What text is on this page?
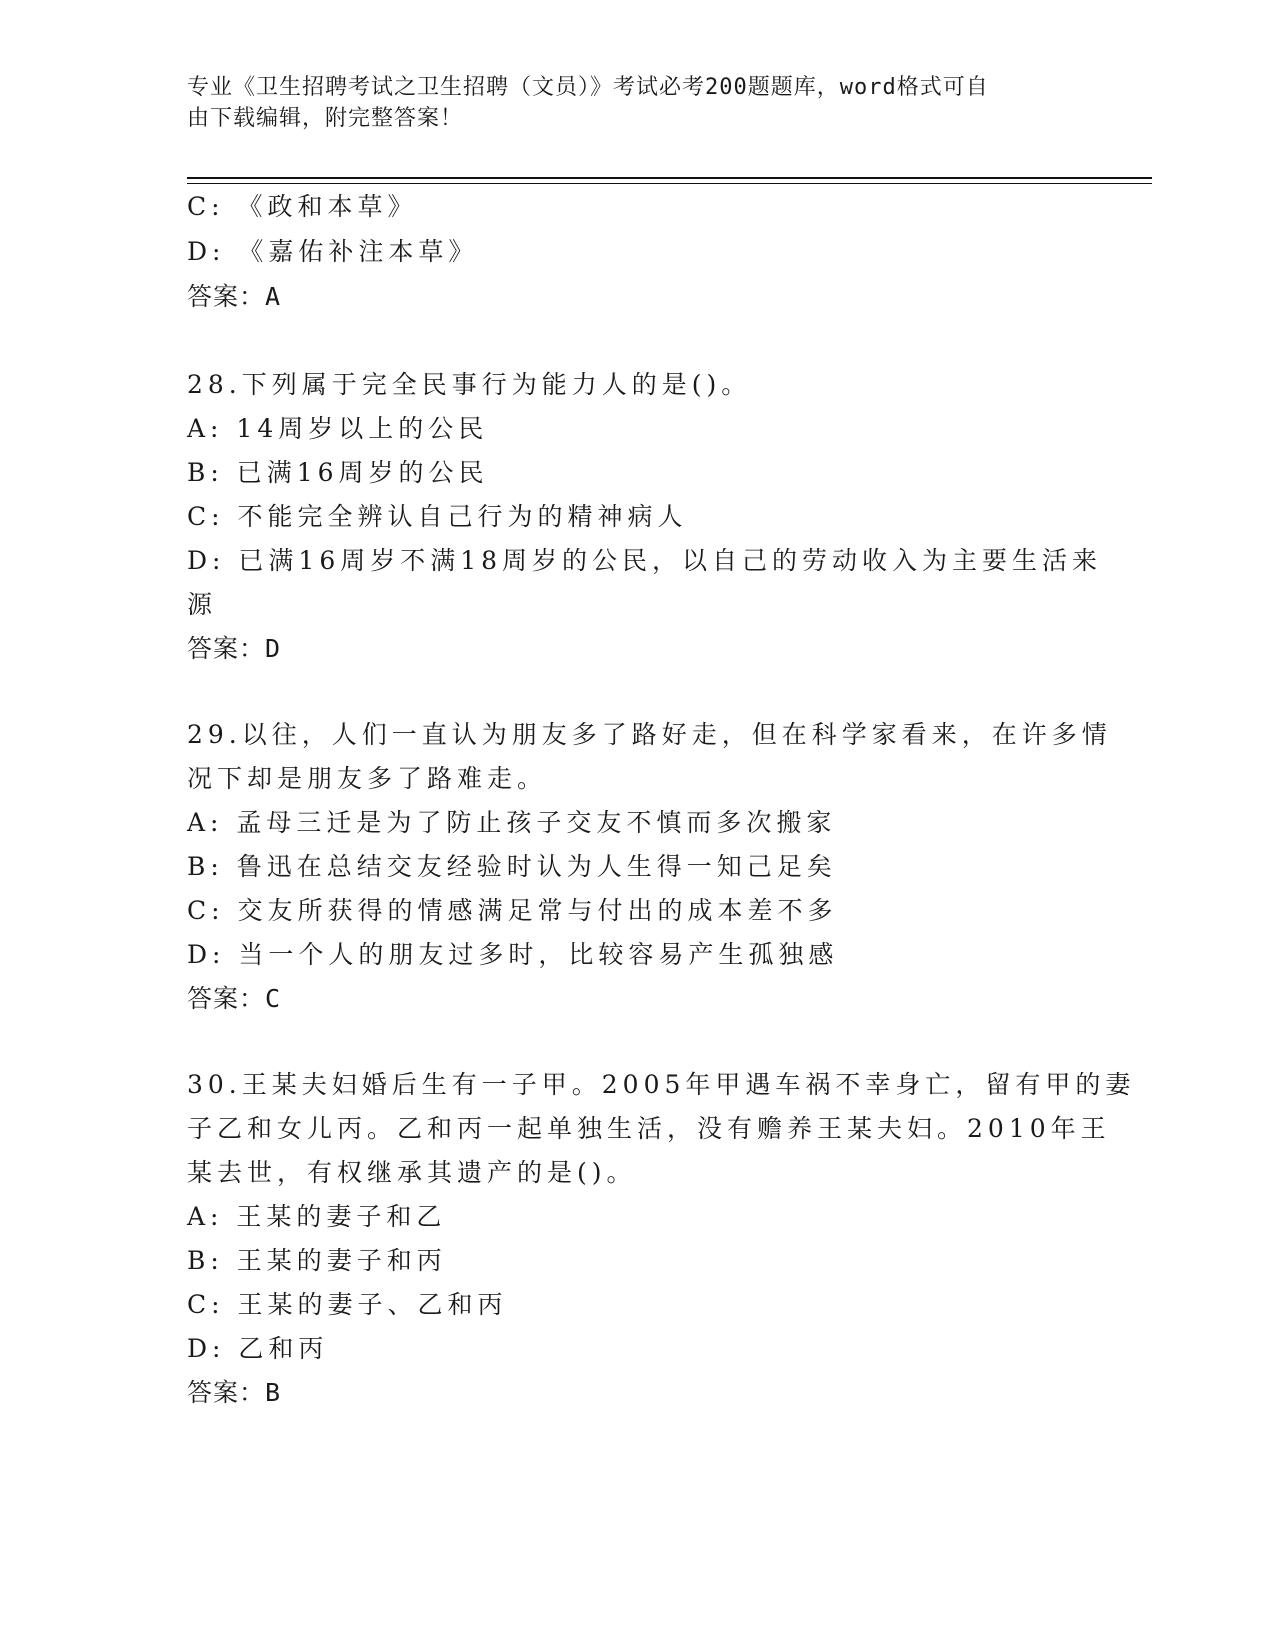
专业《卫生招聘考试之卫生招聘（文员）》考试必考200题题库，word格式可自
由下载编辑，附完整答案！
C: 《政和本草》
D: 《嘉佑补注本草》
答案：A
28.下列属于完全民事行为能力人的是()。
A: 14周岁以上的公民
B: 已满16周岁的公民
C: 不能完全辨认自己行为的精神病人
D: 已满16周岁不满18周岁的公民，以自己的劳动收入为主要生活来
源
答案：D
29.以往，人们一直认为朋友多了路好走，但在科学家看来，在许多情
况下却是朋友多了路难走。
A: 孟母三迁是为了防止孩子交友不慎而多次搬家
B: 鲁迅在总结交友经验时认为人生得一知己足矣
C: 交友所获得的情感满足常与付出的成本差不多
D: 当一个人的朋友过多时，比较容易产生孤独感
答案：C
30.王某夫妇婚后生有一子甲。2005年甲遇车祸不幸身亡，留有甲的妻
子乙和女儿丙。乙和丙一起单独生活，没有赡养王某夫妇。2010年王
某去世，有权继承其遗产的是()。
A: 王某的妻子和乙
B: 王某的妻子和丙
C: 王某的妻子、乙和丙
D: 乙和丙
答案：B
